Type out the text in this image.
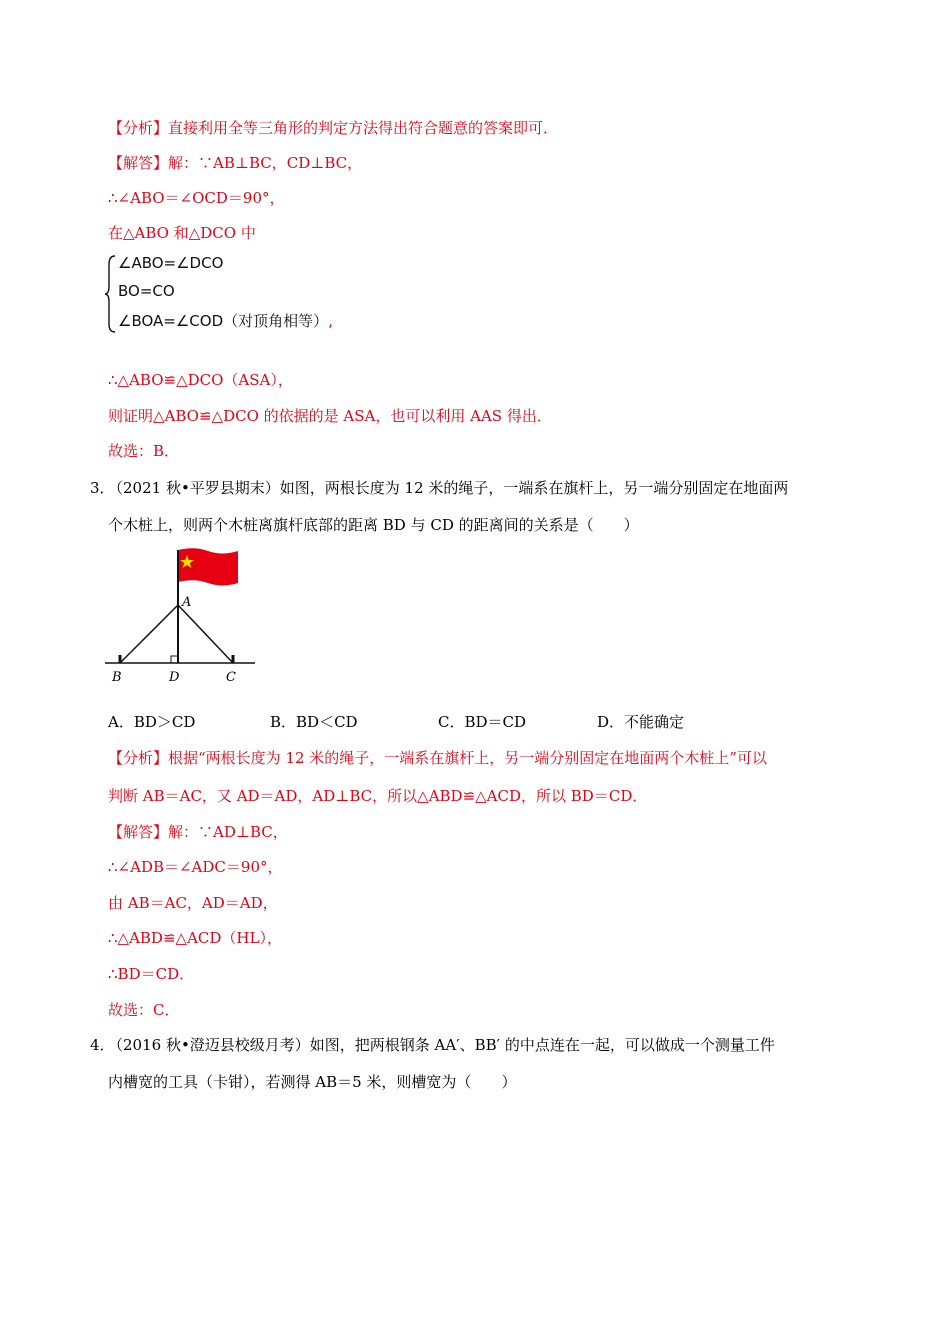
【分析】直接利用全等三角形的判定方法得出符合题意的答案即可．
【解答】解：∵AB⊥BC，CD⊥BC，
∴∠ABO＝∠OCD＝90°，
在△ABO 和△DCO 中
∠ABO=∠DCO
BO=CO
∠BOA=∠COD（对顶角相等）,
∴△ABO≌△DCO（ASA），
则证明△ABO≌△DCO 的依据的是 ASA，也可以利用 AAS 得出．
故选：B．
3．
（2021 秋•平罗县期末）如图，两根长度为 12 米的绳子，一端系在旗杆上，另一端分别固定在地面两
个木桩上，则两个木桩离旗杆底部的距离 BD 与 CD 的距离间的关系是（　　）
A
B	D	C
A．BD＞CD	B．BD＜CD	C．BD＝CD	D．不能确定
【分析】根据“两根长度为 12 米的绳子，一端系在旗杆上，另一端分别固定在地面两个木桩上”可以
判断 AB＝AC，又 AD＝AD，AD⊥BC，所以△ABD≌△ACD，所以 BD＝CD．
【解答】解：∵AD⊥BC，
∴∠ADB＝∠ADC＝90°，
由 AB＝AC，AD＝AD，
∴△ABD≌△ACD（HL），
∴BD＝CD．
故选：C．
4．
（2016 秋•澄迈县校级月考）如图，把两根钢条 AA′、BB′ 的中点连在一起，可以做成一个测量工件
内槽宽的工具（卡钳），若测得 AB＝5 米，则槽宽为（　　）
